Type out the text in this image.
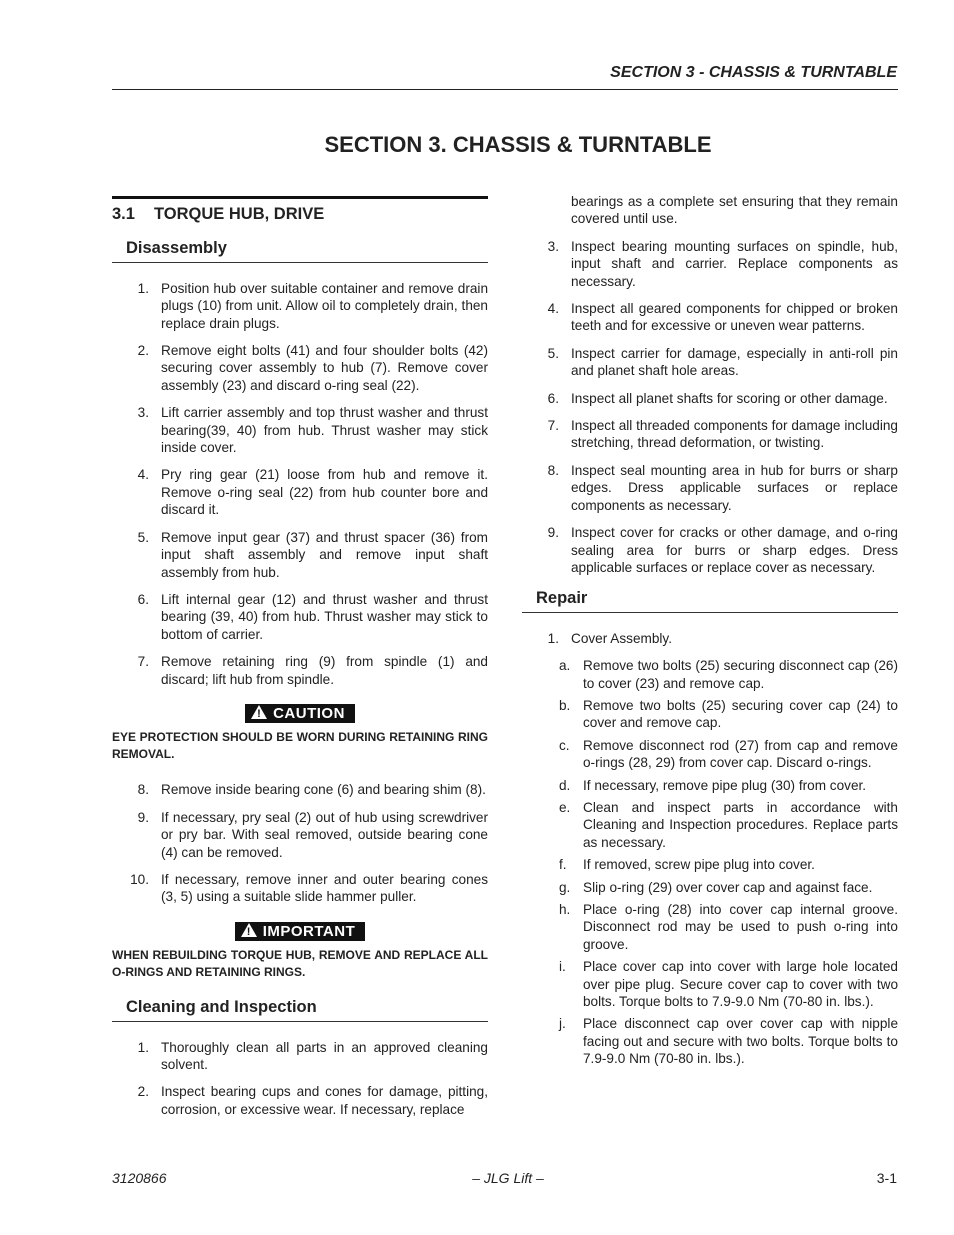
SECTION 3 - CHASSIS & TURNTABLE
SECTION 3. CHASSIS & TURNTABLE
3.1 TORQUE HUB, DRIVE
Disassembly
1. Position hub over suitable container and remove drain plugs (10) from unit. Allow oil to completely drain, then replace drain plugs.
2. Remove eight bolts (41) and four shoulder bolts (42) securing cover assembly to hub (7). Remove cover assembly (23) and discard o-ring seal (22).
3. Lift carrier assembly and top thrust washer and thrust bearing(39, 40) from hub. Thrust washer may stick inside cover.
4. Pry ring gear (21) loose from hub and remove it. Remove o-ring seal (22) from hub counter bore and discard it.
5. Remove input gear (37) and thrust spacer (36) from input shaft assembly and remove input shaft assembly from hub.
6. Lift internal gear (12) and thrust washer and thrust bearing (39, 40) from hub. Thrust washer may stick to bottom of carrier.
7. Remove retaining ring (9) from spindle (1) and discard; lift hub from spindle.
!CAUTION
EYE PROTECTION SHOULD BE WORN DURING RETAINING RING REMOVAL.
8. Remove inside bearing cone (6) and bearing shim (8).
9. If necessary, pry seal (2) out of hub using screwdriver or pry bar. With seal removed, outside bearing cone (4) can be removed.
10. If necessary, remove inner and outer bearing cones (3, 5) using a suitable slide hammer puller.
!IMPORTANT
WHEN REBUILDING TORQUE HUB, REMOVE AND REPLACE ALL O-RINGS AND RETAINING RINGS.
Cleaning and Inspection
1. Thoroughly clean all parts in an approved cleaning solvent.
2. Inspect bearing cups and cones for damage, pitting, corrosion, or excessive wear. If necessary, replace
bearings as a complete set ensuring that they remain covered until use.
3. Inspect bearing mounting surfaces on spindle, hub, input shaft and carrier. Replace components as necessary.
4. Inspect all geared components for chipped or broken teeth and for excessive or uneven wear patterns.
5. Inspect carrier for damage, especially in anti-roll pin and planet shaft hole areas.
6. Inspect all planet shafts for scoring or other damage.
7. Inspect all threaded components for damage including stretching, thread deformation, or twisting.
8. Inspect seal mounting area in hub for burrs or sharp edges. Dress applicable surfaces or replace components as necessary.
9. Inspect cover for cracks or other damage, and o-ring sealing area for burrs or sharp edges. Dress applicable surfaces or replace cover as necessary.
Repair
1. Cover Assembly.
a. Remove two bolts (25) securing disconnect cap (26) to cover (23) and remove cap.
b. Remove two bolts (25) securing cover cap (24) to cover and remove cap.
c. Remove disconnect rod (27) from cap and remove o-rings (28, 29) from cover cap. Discard o-rings.
d. If necessary, remove pipe plug (30) from cover.
e. Clean and inspect parts in accordance with Cleaning and Inspection procedures. Replace parts as necessary.
f.	If removed, screw pipe plug into cover.
g. Slip o-ring (29) over cover cap and against face.
h. Place o-ring (28) into cover cap internal groove. Disconnect rod may be used to push o-ring into groove.
i.	Place cover cap into cover with large hole located over pipe plug. Secure cover cap to cover with two bolts. Torque bolts to 7.9-9.0 Nm (70-80 in. lbs.).
j.	Place disconnect cap over cover cap with nipple facing out and secure with two bolts. Torque bolts to 7.9-9.0 Nm (70-80 in. lbs.).
3120866	– JLG Lift –	3-1
